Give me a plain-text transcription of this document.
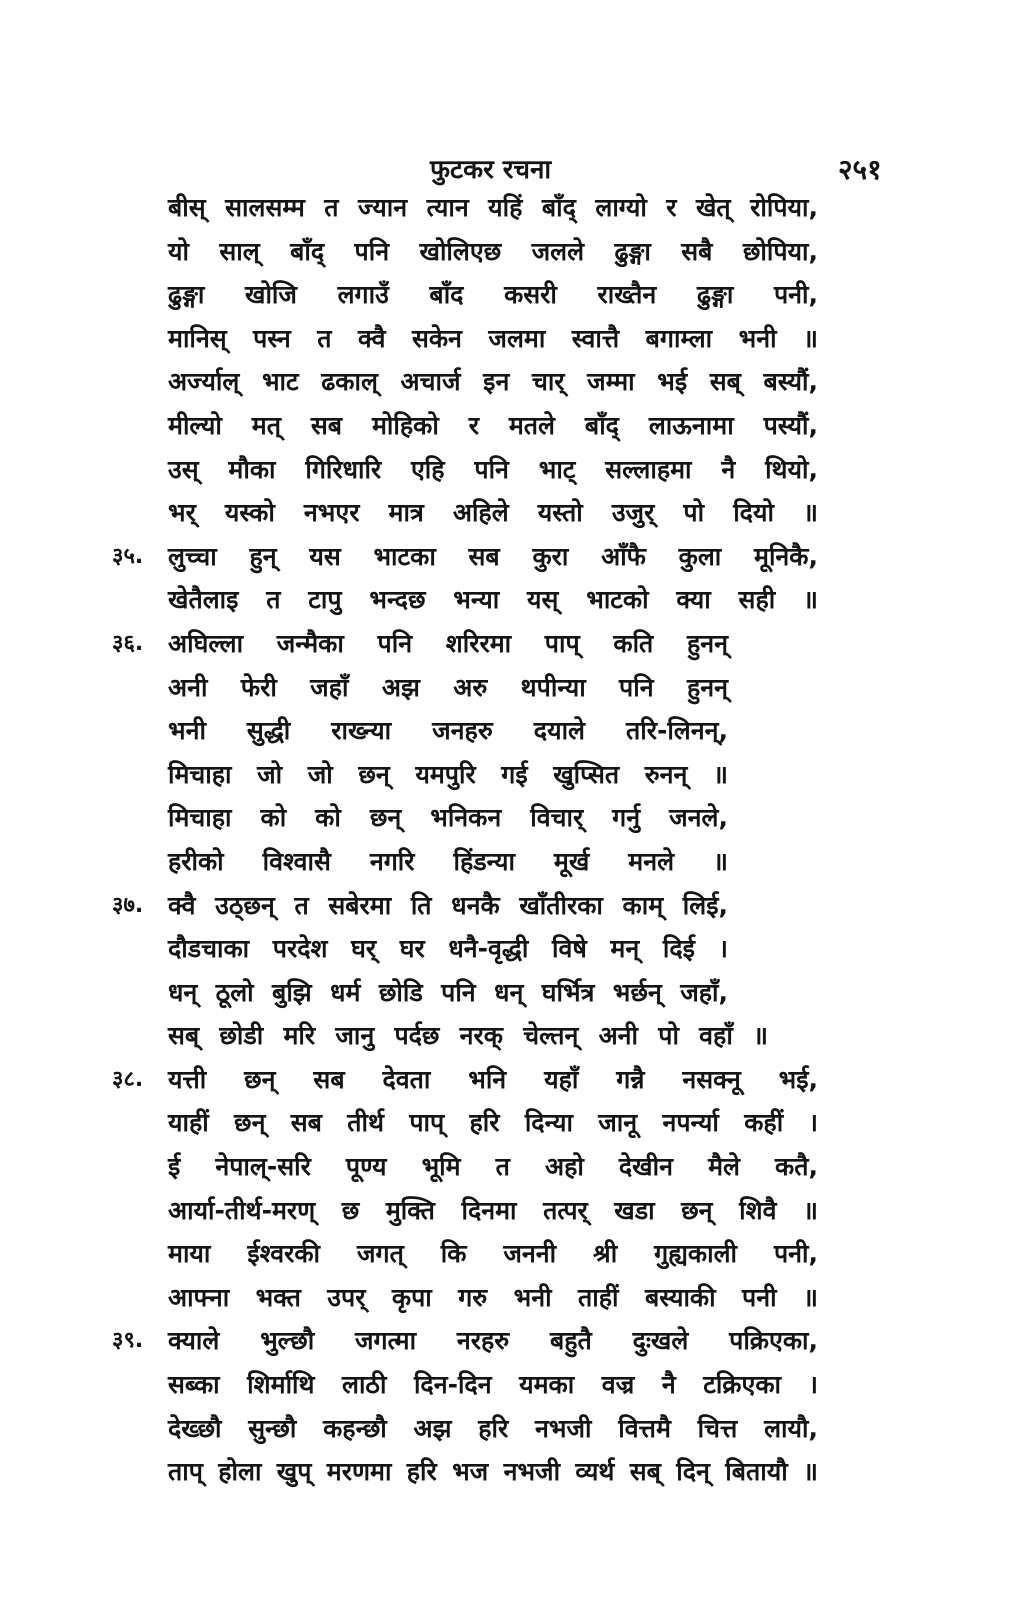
फुटकर रचना	२५१
बीस् सालसम्म त ज्यान त्यान यहिं बाँद् लाग्यो र खेत् रोपिया,
यो साल् बाँद् पनि खोलिएछ जलले ढुङ्गा सबै छोपिया,
ढुङ्गा खोजि लगाउँ बाँद कसरी राख्तैन ढुङ्गा पनी,
मानिस् पस्न त क्वै सकेन जलमा स्वात्तै बगाम्ला भनी ॥
अर्ज्याल् भाट ढकाल् अचार्ज इन चार् जम्मा भई सब् बस्यौं,
मील्यो मत् सब मोहिको र मतले बाँद् लाऊनामा पस्यौं,
उस् मौका गिरिधारि एहि पनि भाट् सल्लाहमा नै थियो,
भर् यस्को नभएर मात्र अहिले यस्तो उजुर् पो दियो ॥
३५. लुच्चा हुन् यस भाटका सब कुरा आँफै कुला मूनिकै,
खेतैलाइ त टापु भन्दछ भन्या यस् भाटको क्या सही ॥
३६. अघिल्ला जन्मैका पनि शरिरमा पाप् कति हुनन्
अनी फेरी जहाँ अझ अरु थपीन्या पनि हुनन्
भनी सुद्धी राख्न्या जनहरु दयाले तरि-लिनन्,
मिचाहा जो जो छन् यमपुरि गई खुप्सित रुनन् ॥
मिचाहा को को छन् भनिकन विचार् गर्नु जनले,
हरीको विश्वासै नगरि हिंडन्या मूर्ख मनले ॥
३७. क्वै उठ्छन् त सबेरमा ति धनकै खाँतीरका काम् लिई,
दौडचाका परदेश घर् घर धनै-वृद्धी विषे मन् दिई ।
धन् ठूलो बुझि धर्म छोडि पनि धन् घर्भित्र भर्छन् जहाँ,
सब् छोडी मरि जानु पर्दछ नरक् चेल्तन् अनी पो वहाँ ॥
३८. यत्ती छन् सब देवता भनि यहाँ गन्नै नसक्नू भई,
याहीं छन् सब तीर्थ पाप् हरि दिन्या जानू नपर्न्या कहीं ।
ई नेपाल्-सरि पूण्य भूमि त अहो देखीन मैले कतै,
आर्या-तीर्थ-मरण् छ मुक्ति दिनमा तत्पर् खडा छन् शिवै ॥
माया ईश्वरकी जगत् कि जननी श्री गुह्यकाली पनी,
आफ्ना भक्त उपर् कृपा गरु भनी ताहीं बस्याकी पनी ॥
३९. क्याले भुल्छौ जगत्मा नरहरु बहुतै दुःखले पक्रिएका,
सब्का शिर्माथि लाठी दिन-दिन यमका वज्र नै टक्रिएका ।
देख्छौ सुन्छौ कहन्छौ अझ हरि नभजी वित्तमै चित्त लायौ,
ताप् होला खुप् मरणमा हरि भज नभजी व्यर्थ सब् दिन् बितायौ ॥
